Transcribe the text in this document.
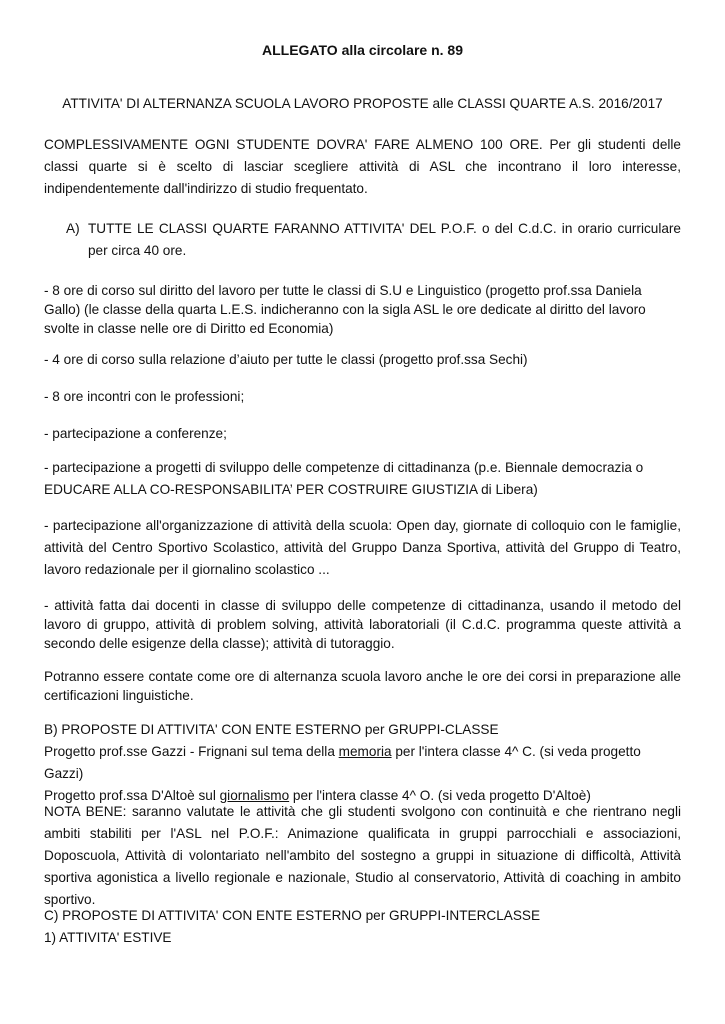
ALLEGATO alla circolare n. 89
ATTIVITA' DI ALTERNANZA SCUOLA LAVORO PROPOSTE alle CLASSI QUARTE A.S. 2016/2017
COMPLESSIVAMENTE OGNI STUDENTE DOVRA' FARE ALMENO 100 ORE. Per gli studenti delle classi quarte si è scelto di lasciar scegliere attività di ASL che incontrano il loro interesse, indipendentemente dall'indirizzo di studio frequentato.
A) TUTTE LE CLASSI QUARTE FARANNO ATTIVITA' DEL P.O.F. o del C.d.C. in orario curriculare per circa 40 ore.
- 8 ore di corso sul diritto del lavoro per tutte le classi di S.U e Linguistico (progetto prof.ssa Daniela Gallo) (le classe della quarta L.E.S. indicheranno con la sigla ASL le ore dedicate al diritto del lavoro svolte in classe nelle ore di Diritto ed Economia)
- 4 ore di corso sulla relazione d’aiuto per tutte le classi (progetto prof.ssa Sechi)
- 8 ore incontri con le professioni;
- partecipazione a conferenze;
- partecipazione a progetti di sviluppo delle competenze di cittadinanza (p.e. Biennale democrazia o EDUCARE ALLA CO-RESPONSABILITA’ PER COSTRUIRE GIUSTIZIA di Libera)
- partecipazione all'organizzazione di attività della scuola: Open day, giornate di colloquio con le famiglie, attività del Centro Sportivo Scolastico, attività del Gruppo Danza Sportiva, attività del Gruppo di Teatro, lavoro redazionale per il giornalino scolastico ...
- attività fatta dai docenti in classe di sviluppo delle competenze di cittadinanza, usando il metodo del lavoro di gruppo, attività di problem solving, attività laboratoriali (il C.d.C. programma queste attività a secondo delle esigenze della classe); attività di tutoraggio.
Potranno essere contate come ore di alternanza scuola lavoro anche le ore dei corsi in preparazione alle certificazioni linguistiche.
B) PROPOSTE DI ATTIVITA' CON ENTE ESTERNO per GRUPPI-CLASSE
Progetto prof.sse Gazzi - Frignani sul tema della memoria per l'intera classe 4^ C. (si veda progetto Gazzi)
Progetto prof.ssa D'Altoè sul giornalismo per l'intera classe 4^ O. (si veda progetto D'Altoè)
NOTA BENE: saranno valutate le attività che gli studenti svolgono con continuità e che rientrano negli ambiti stabiliti per l'ASL nel P.O.F.: Animazione qualificata in gruppi parrocchiali e associazioni, Doposcuola, Attività di volontariato nell'ambito del sostegno a gruppi in situazione di difficoltà, Attività sportiva agonistica a livello regionale e nazionale, Studio al conservatorio, Attività di coaching in ambito sportivo.
C) PROPOSTE DI ATTIVITA' CON ENTE ESTERNO per GRUPPI-INTERCLASSE
1) ATTIVITA' ESTIVE
